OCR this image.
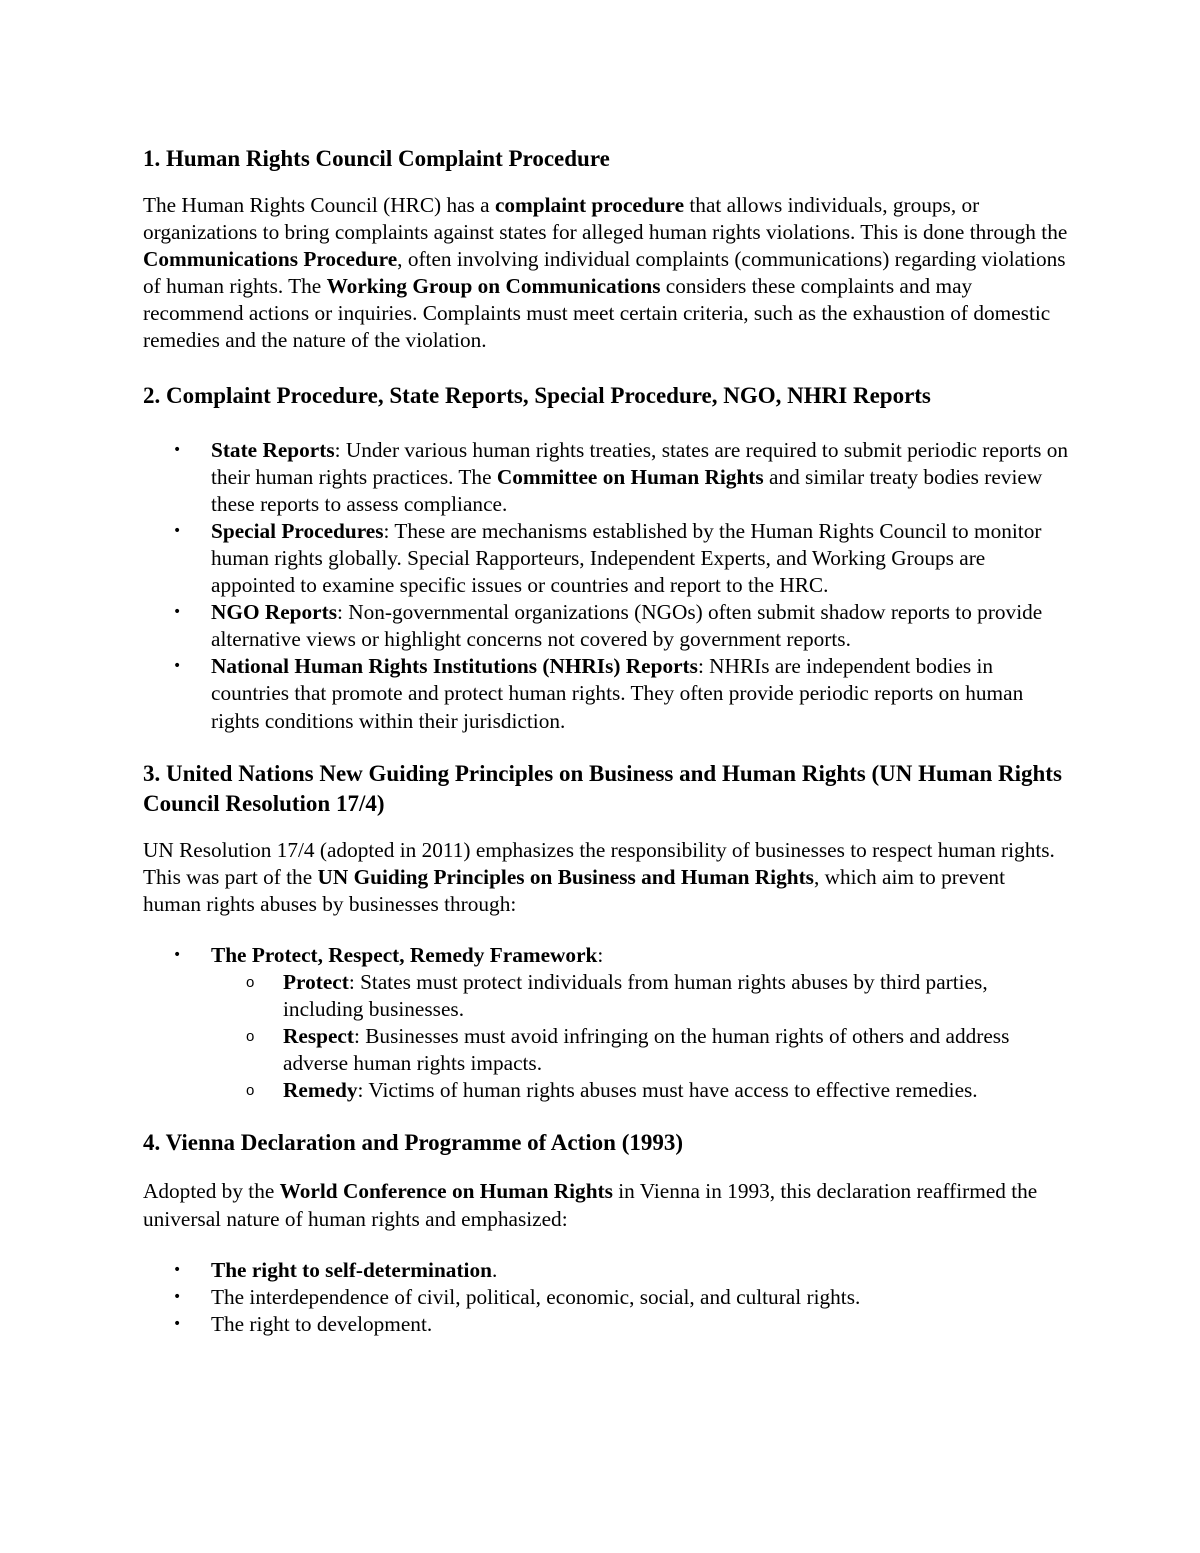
1. Human Rights Council Complaint Procedure

The Human Rights Council (HRC) has a complaint procedure that allows individuals, groups, or organizations to bring complaints against states for alleged human rights violations. This is done through the Communications Procedure, often involving individual complaints (communications) regarding violations of human rights. The Working Group on Communications considers these complaints and may recommend actions or inquiries. Complaints must meet certain criteria, such as the exhaustion of domestic remedies and the nature of the violation.

2. Complaint Procedure, State Reports, Special Procedure, NGO, NHRI Reports
• State Reports: Under various human rights treaties, states are required to submit periodic reports on their human rights practices. The Committee on Human Rights and similar treaty bodies review these reports to assess compliance.
• Special Procedures: These are mechanisms established by the Human Rights Council to monitor human rights globally. Special Rapporteurs, Independent Experts, and Working Groups are appointed to examine specific issues or countries and report to the HRC.
• NGO Reports: Non-governmental organizations (NGOs) often submit shadow reports to provide alternative views or highlight concerns not covered by government reports.
• National Human Rights Institutions (NHRIs) Reports: NHRIs are independent bodies in countries that promote and protect human rights. They often provide periodic reports on human rights conditions within their jurisdiction.
3. United Nations New Guiding Principles on Business and Human Rights (UN Human Rights Council Resolution 17/4)

UN Resolution 17/4 (adopted in 2011) emphasizes the responsibility of businesses to respect human rights. This was part of the UN Guiding Principles on Business and Human Rights, which aim to prevent human rights abuses by businesses through:

• The Protect, Respect, Remedy Framework:
o Protect: States must protect individuals from human rights abuses by third parties, including businesses.
o Respect: Businesses must avoid infringing on the human rights of others and address adverse human rights impacts.
o Remedy: Victims of human rights abuses must have access to effective remedies.
4. Vienna Declaration and Programme of Action (1993)

Adopted by the World Conference on Human Rights in Vienna in 1993, this declaration reaffirmed the universal nature of human rights and emphasized:

• The right to self-determination.
• The interdependence of civil, political, economic, social, and cultural rights.
• The right to development.
